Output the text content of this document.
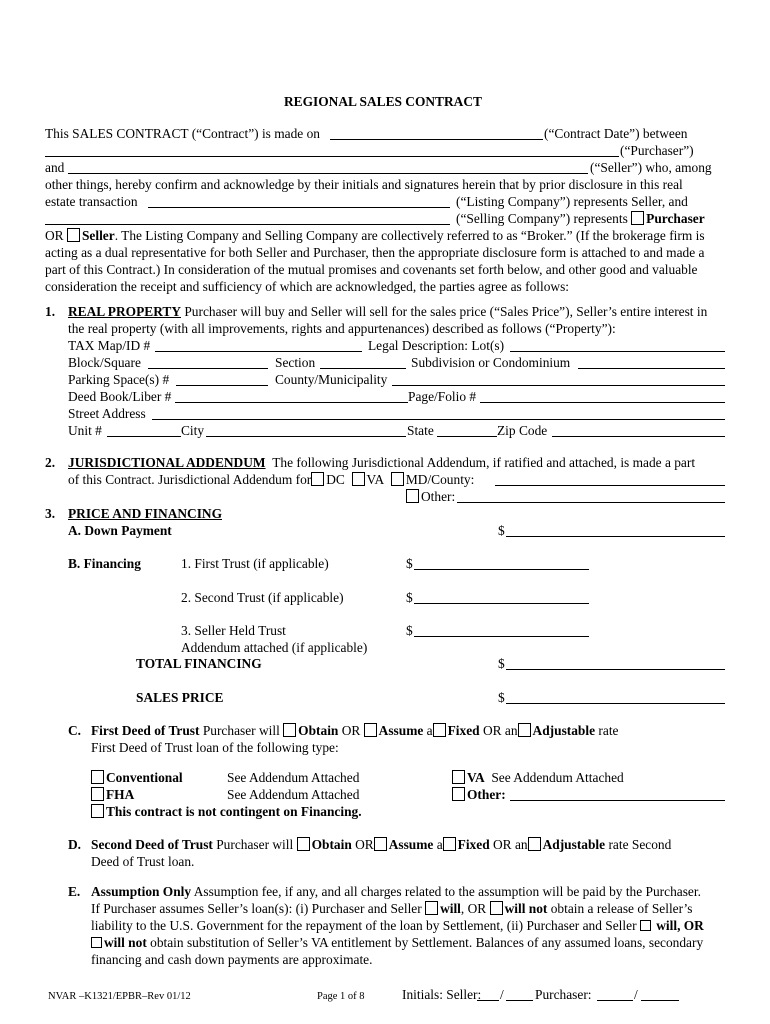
REGIONAL SALES CONTRACT
This SALES CONTRACT (“Contract”) is made on	(“Contract Date”) between
(“Purchaser”)
and	(“Seller”) who, among
other things, hereby confirm and acknowledge by their initials and signatures herein that by prior disclosure in this real
estate transaction	(“Listing Company”) represents Seller, and
(“Selling Company”) represents Purchaser
OR Seller. The Listing Company and Selling Company are collectively referred to as “Broker.” (If the brokerage firm is
acting as a dual representative for both Seller and Purchaser, then the appropriate disclosure form is attached to and made a
part of this Contract.) In consideration of the mutual promises and covenants set forth below, and other good and valuable
consideration the receipt and sufficiency of which are acknowledged, the parties agree as follows:
1. REAL PROPERTY Purchaser will buy and Seller will sell for the sales price (“Sales Price”), Seller’s entire interest in
the real property (with all improvements, rights and appurtenances) described as follows (“Property”):
TAX Map/ID #	Legal Description: Lot(s)
Block/Square	Section	Subdivision or Condominium
Parking Space(s) #	County/Municipality
Deed Book/Liber #	Page/Folio #
Street Address
Unit #	City	State	Zip Code
2. JURISDICTIONAL ADDENDUM The following Jurisdictional Addendum, if ratified and attached, is made a part
of this Contract. Jurisdictional Addendum for DC VA MD/County:
Other:
3. PRICE AND FINANCING
A. Down Payment	$
B. Financing	1. First Trust (if applicable)	$
2. Second Trust (if applicable)	$
3. Seller Held Trust	$
Addendum attached (if applicable)
TOTAL FINANCING	$
SALES PRICE	$
C. First Deed of Trust Purchaser will Obtain OR Assume a Fixed OR an Adjustable rate
First Deed of Trust loan of the following type:
Conventional	See Addendum Attached	VA See Addendum Attached
FHA	See Addendum Attached	Other:
This contract is not contingent on Financing.
D. Second Deed of Trust Purchaser will Obtain OR Assume a Fixed OR an Adjustable rate Second
Deed of Trust loan.
E. Assumption Only Assumption fee, if any, and all charges related to the assumption will be paid by the Purchaser.
If Purchaser assumes Seller’s loan(s): (i) Purchaser and Seller will, OR will not obtain a release of Seller’s
liability to the U.S. Government for the repayment of the loan by Settlement, (ii) Purchaser and Seller  will, OR
will not obtain substitution of Seller’s VA entitlement by Settlement. Balances of any assumed loans, secondary
financing and cash down payments are approximate.
NVAR –K1321/EPBR–Rev 01/12	Page 1 of 8	Initials: Seller: / Purchaser:	/
